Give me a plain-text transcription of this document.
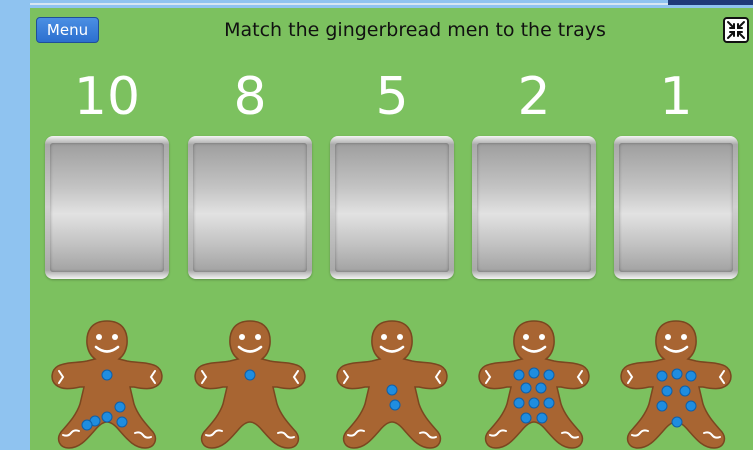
Menu	Match the gingerbread men to the trays
10	8	5	2	1
